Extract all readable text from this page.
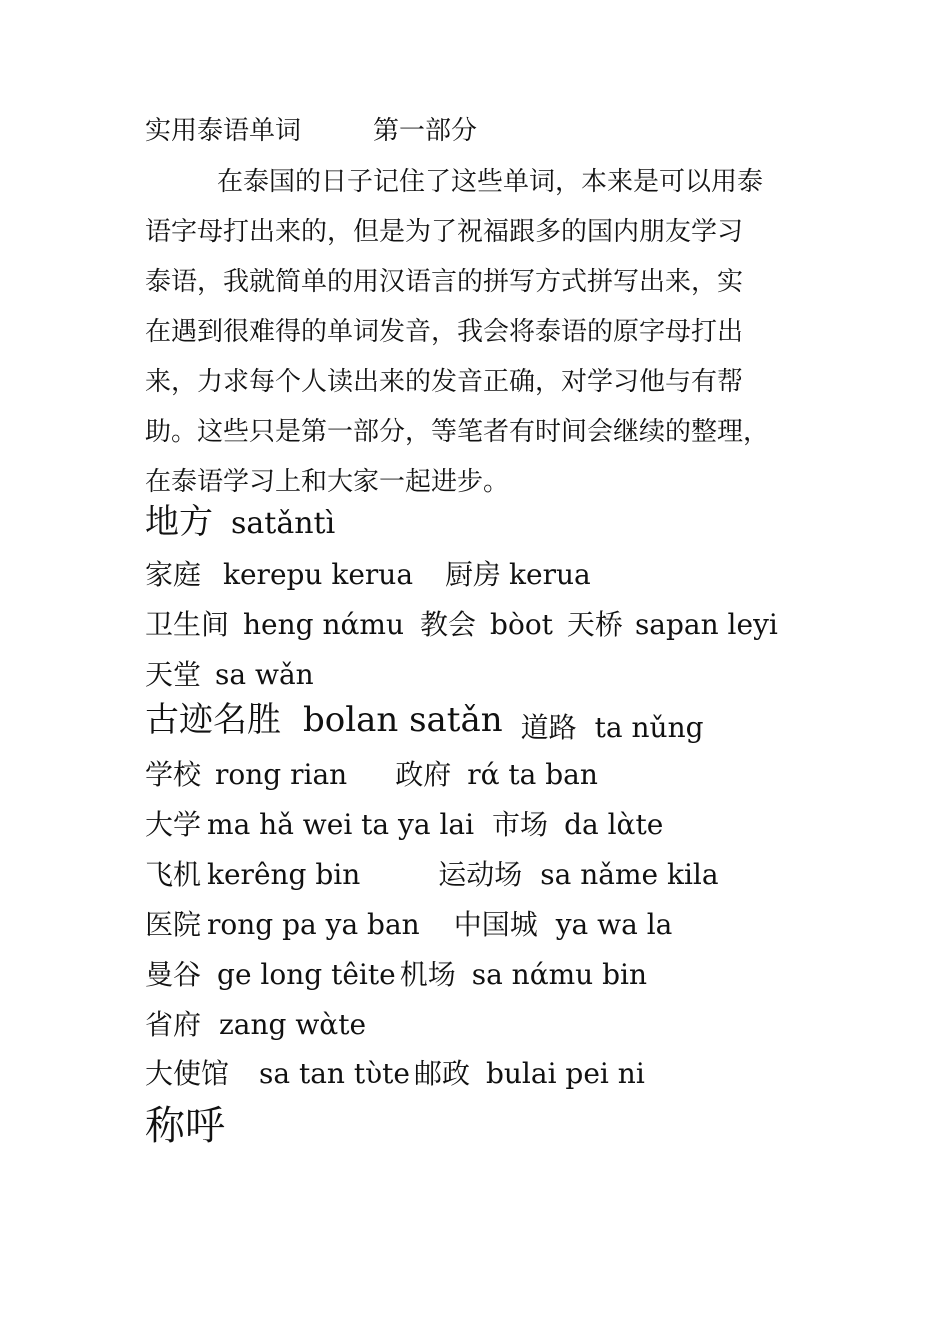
实用泰语单词	第一部分
在泰国的日子记住了这些单词，本来是可以用泰
语字母打出来的，但是为了祝福跟多的国内朋友学习
泰语，我就简单的用汉语言的拼写方式拼写出来，实
在遇到很难得的单词发音，我会将泰语的原字母打出
来，力求每个人读出来的发音正确，对学习他与有帮
助。这些只是第一部分，等笔者有时间会继续的整理，
在泰语学习上和大家一起进步。
地方 satǎntì
家庭 kerepu kerua 厨房 kerua
卫生间 heng nάmu 教会 bὸot 天桥 sapan leyi
天堂 sa wǎn
古迹名胜 bolan satǎn 道路 ta nǔng
学校 rong rian 政府 rά ta ban
大学 ma hǎ wei ta ya lai 市场 da lὰte
飞机 kerêng bin	运动场 sa nǎme kila
医院 rong pa ya ban 中国城 ya wa la
曼谷 ge long têite 机场 sa nάmu bin
省府 zang wὰte
大使馆 sa tan tὺte 邮政 bulai pei ni
称呼
